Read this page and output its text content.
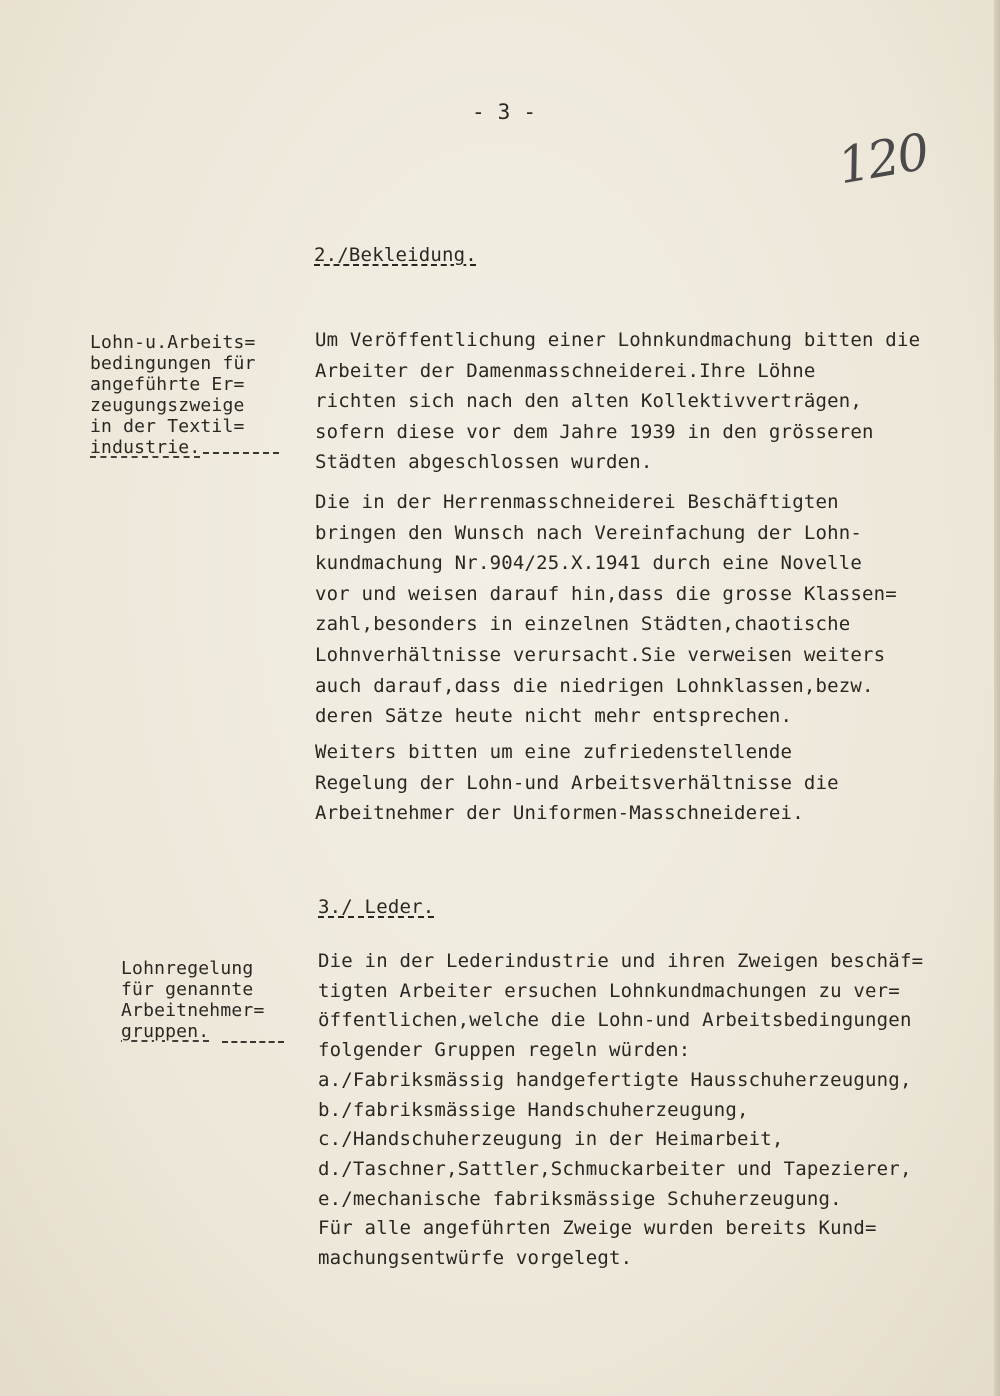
- 3 -
120
2./Bekleidung.
Lohn-u.Arbeits=
bedingungen für
angeführte Er=
zeugungszweige
in der Textil=
industrie.
Um Veröffentlichung einer Lohnkundmachung bitten die
Arbeiter der Damenmasschneiderei.Ihre Löhne
richten sich nach den alten Kollektivverträgen,
sofern diese vor dem Jahre 1939 in den grösseren
Städten abgeschlossen wurden.
Die in der Herrenmasschneiderei Beschäftigten
bringen den Wunsch nach Vereinfachung der Lohn-
kundmachung Nr.904/25.X.1941 durch eine Novelle
vor und weisen darauf hin,dass die grosse Klassen=
zahl,besonders in einzelnen Städten,chaotische
Lohnverhältnisse verursacht.Sie verweisen weiters
auch darauf,dass die niedrigen Lohnklassen,bezw.
deren Sätze heute nicht mehr entsprechen.
Weiters bitten um eine zufriedenstellende
Regelung der Lohn-und Arbeitsverhältnisse die
Arbeitnehmer der Uniformen-Masschneiderei.
3./ Leder.
Lohnregelung
für genannte
Arbeitnehmer=
gruppen.
Die in der Lederindustrie und ihren Zweigen beschäf=
tigten Arbeiter ersuchen Lohnkundmachungen zu ver=
öffentlichen,welche die Lohn-und Arbeitsbedingungen
folgender Gruppen regeln würden:
a./Fabriksmässig handgefertigte Hausschuherzeugung,
b./fabriksmässige Handschuherzeugung,
c./Handschuherzeugung in der Heimarbeit,
d./Taschner,Sattler,Schmuckarbeiter und Tapezierer,
e./mechanische fabriksmässige Schuherzeugung.
Für alle angeführten Zweige wurden bereits Kund=
machungsentwürfe vorgelegt.
